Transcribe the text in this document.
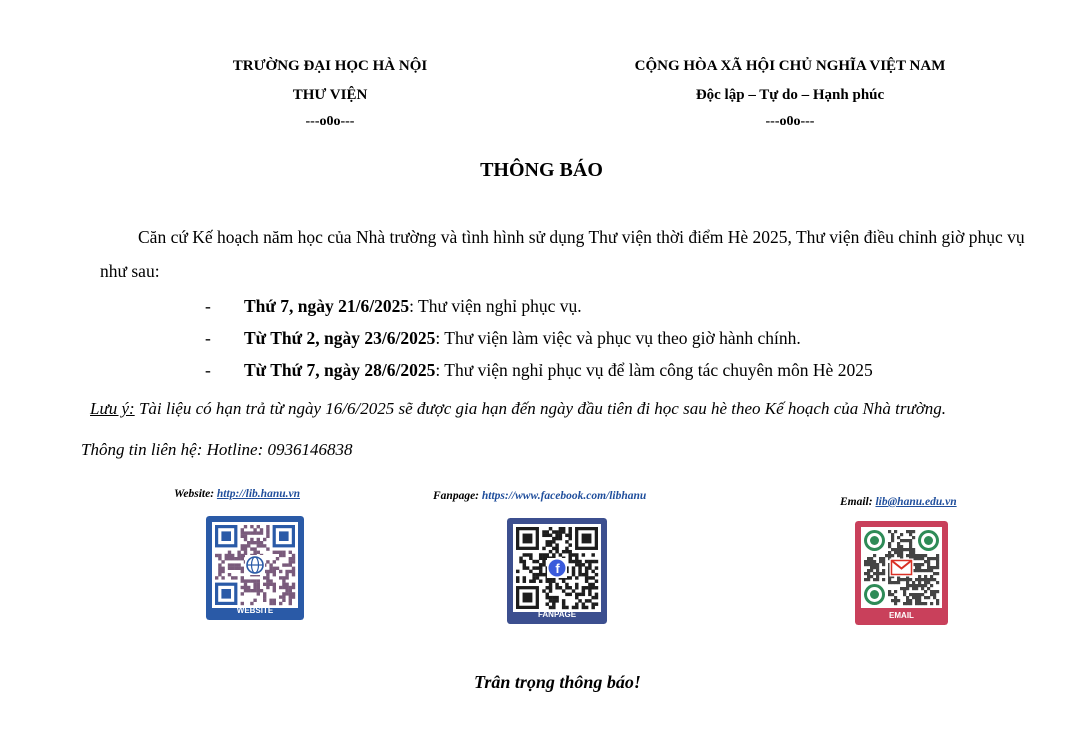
TRƯỜNG ĐẠI HỌC HÀ NỘI
THƯ VIỆN
---o0o---
CỘNG HÒA XÃ HỘI CHỦ NGHĨA VIỆT NAM
Độc lập – Tự do – Hạnh phúc
---o0o---
THÔNG BÁO
Căn cứ Kế hoạch năm học của Nhà trường và tình hình sử dụng Thư viện thời điểm Hè 2025, Thư viện điều chỉnh giờ phục vụ như sau:
- Thứ 7, ngày 21/6/2025: Thư viện nghỉ phục vụ.
- Từ Thứ 2, ngày 23/6/2025: Thư viện làm việc và phục vụ theo giờ hành chính.
- Từ Thứ 7, ngày 28/6/2025: Thư viện nghỉ phục vụ để làm công tác chuyên môn Hè 2025
Lưu ý: Tài liệu có hạn trả từ ngày 16/6/2025 sẽ được gia hạn đến ngày đầu tiên đi học sau hè theo Kế hoạch của Nhà trường.
Thông tin liên hệ: Hotline: 0936146838
Website: http://lib.hanu.vn	Fanpage: https://www.facebook.com/libhanu	Email: lib@hanu.edu.vn
WEBSITE
f
FANPAGE	EMAIL
Trân trọng thông báo!
